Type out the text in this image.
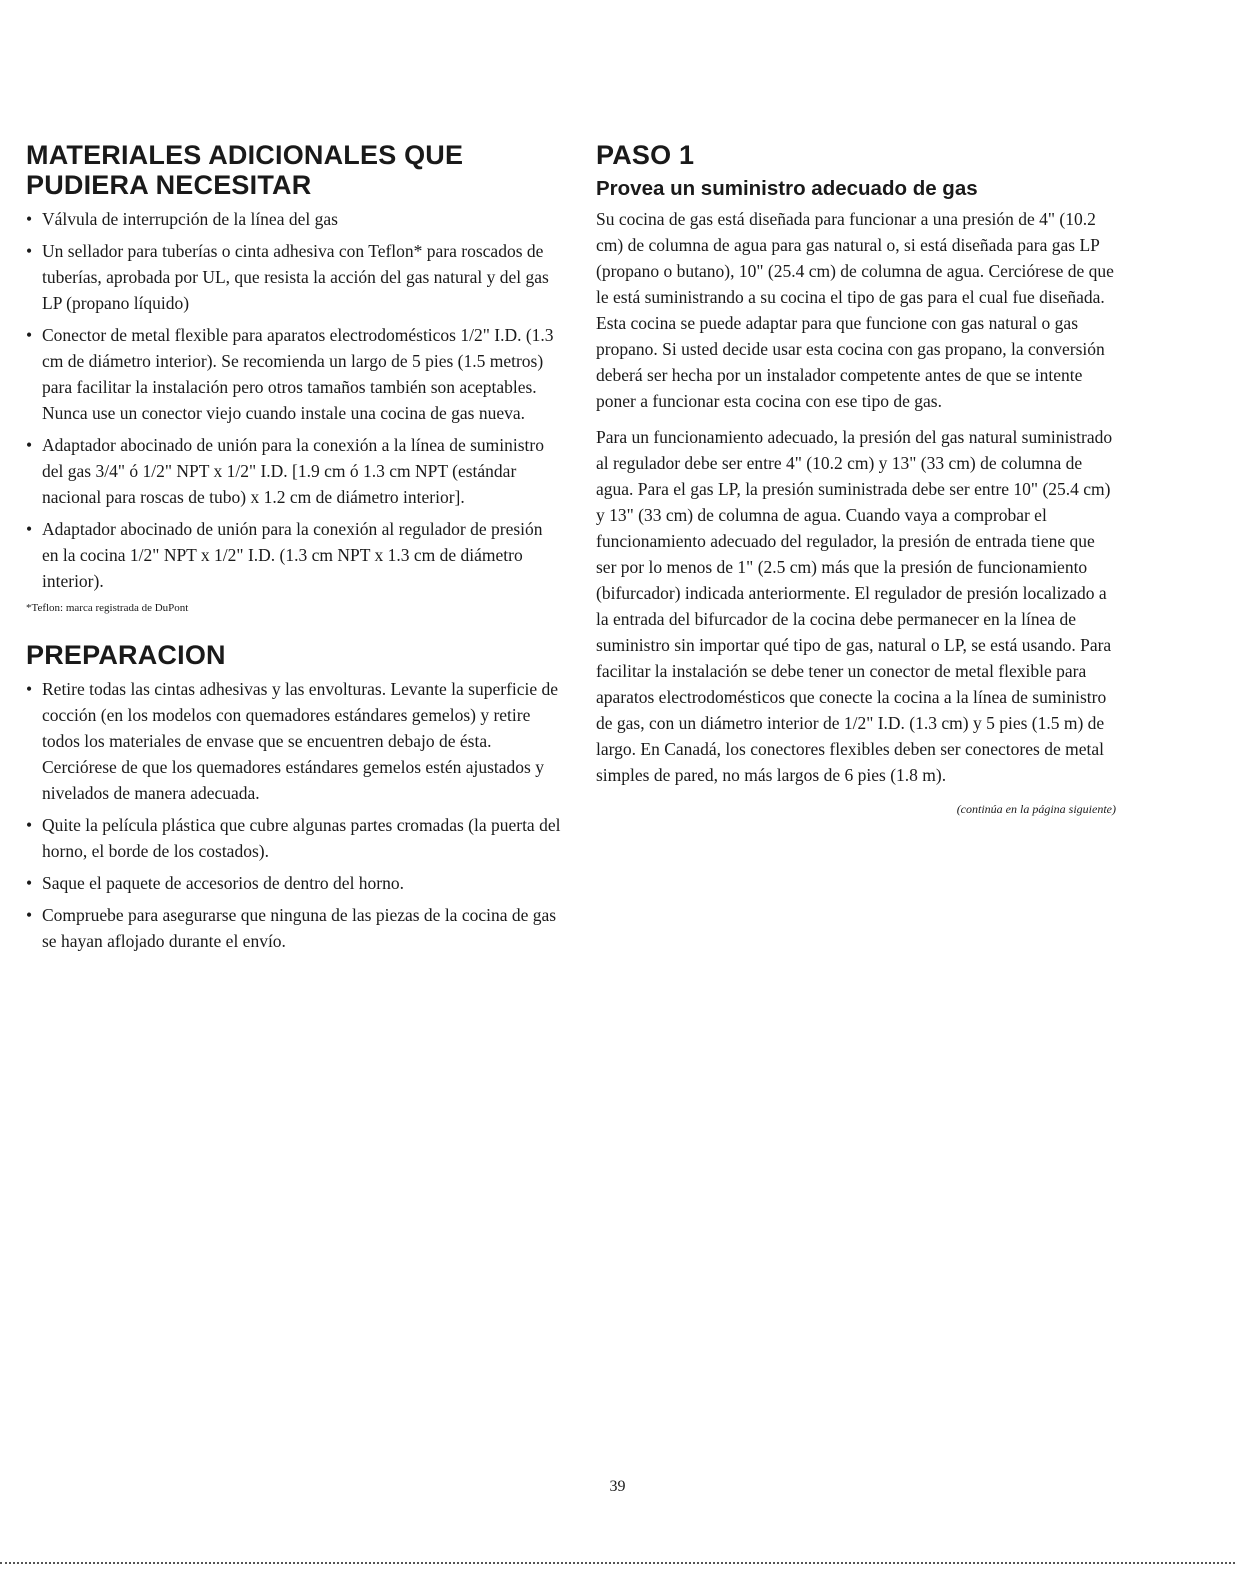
MATERIALES ADICIONALES QUE PUDIERA NECESITAR
• Válvula de interrupción de la línea del gas
• Un sellador para tuberías o cinta adhesiva con Teflon* para roscados de tuberías, aprobada por UL, que resista la acción del gas natural y del gas LP (propano líquido)
• Conector de metal flexible para aparatos electrodomésticos 1/2" I.D. (1.3 cm de diámetro interior). Se recomienda un largo de 5 pies (1.5 metros) para facilitar la instalación pero otros tamaños también son aceptables. Nunca use un conector viejo cuando instale una cocina de gas nueva.
• Adaptador abocinado de unión para la conexión a la línea de suministro del gas 3/4" ó 1/2" NPT x 1/2" I.D. [1.9 cm ó 1.3 cm NPT (estándar nacional para roscas de tubo) x 1.2 cm de diámetro interior].
• Adaptador abocinado de unión para la conexión al regulador de presión en la cocina 1/2" NPT x 1/2" I.D. (1.3 cm NPT x 1.3 cm de diámetro interior).
*Teflon: marca registrada de DuPont
PREPARACION
• Retire todas las cintas adhesivas y las envolturas. Levante la superficie de cocción (en los modelos con quemadores estándares gemelos) y retire todos los materiales de envase que se encuentren debajo de ésta. Cerciórese de que los quemadores estándares gemelos estén ajustados y nivelados de manera adecuada.
• Quite la película plástica que cubre algunas partes cromadas (la puerta del horno, el borde de los costados).
• Saque el paquete de accesorios de dentro del horno.
• Compruebe para asegurarse que ninguna de las piezas de la cocina de gas se hayan aflojado durante el envío.
PASO 1
Provea un suministro adecuado de gas

Su cocina de gas está diseñada para funcionar a una presión de 4" (10.2 cm) de columna de agua para gas natural o, si está diseñada para gas LP (propano o butano), 10" (25.4 cm) de columna de agua. Cerciórese de que le está suministrando a su cocina el tipo de gas para el cual fue diseñada. Esta cocina se puede adaptar para que funcione con gas natural o gas propano. Si usted decide usar esta cocina con gas propano, la conversión deberá ser hecha por un instalador competente antes de que se intente poner a funcionar esta cocina con ese tipo de gas.

Para un funcionamiento adecuado, la presión del gas natural suministrado al regulador debe ser entre 4" (10.2 cm) y 13" (33 cm) de columna de agua. Para el gas LP, la presión suministrada debe ser entre 10" (25.4 cm) y 13" (33 cm) de columna de agua. Cuando vaya a comprobar el funcionamiento adecuado del regulador, la presión de entrada tiene que ser por lo menos de 1" (2.5 cm) más que la presión de funcionamiento (bifurcador) indicada anteriormente. El regulador de presión localizado a la entrada del bifurcador de la cocina debe permanecer en la línea de suministro sin importar qué tipo de gas, natural o LP, se está usando. Para facilitar la instalación se debe tener un conector de metal flexible para aparatos electrodomésticos que conecte la cocina a la línea de suministro de gas, con un diámetro interior de 1/2" I.D. (1.3 cm) y 5 pies (1.5 m) de largo. En Canadá, los conectores flexibles deben ser conectores de metal simples de pared, no más largos de 6 pies (1.8 m).

(continúa en la página siguiente)
39
